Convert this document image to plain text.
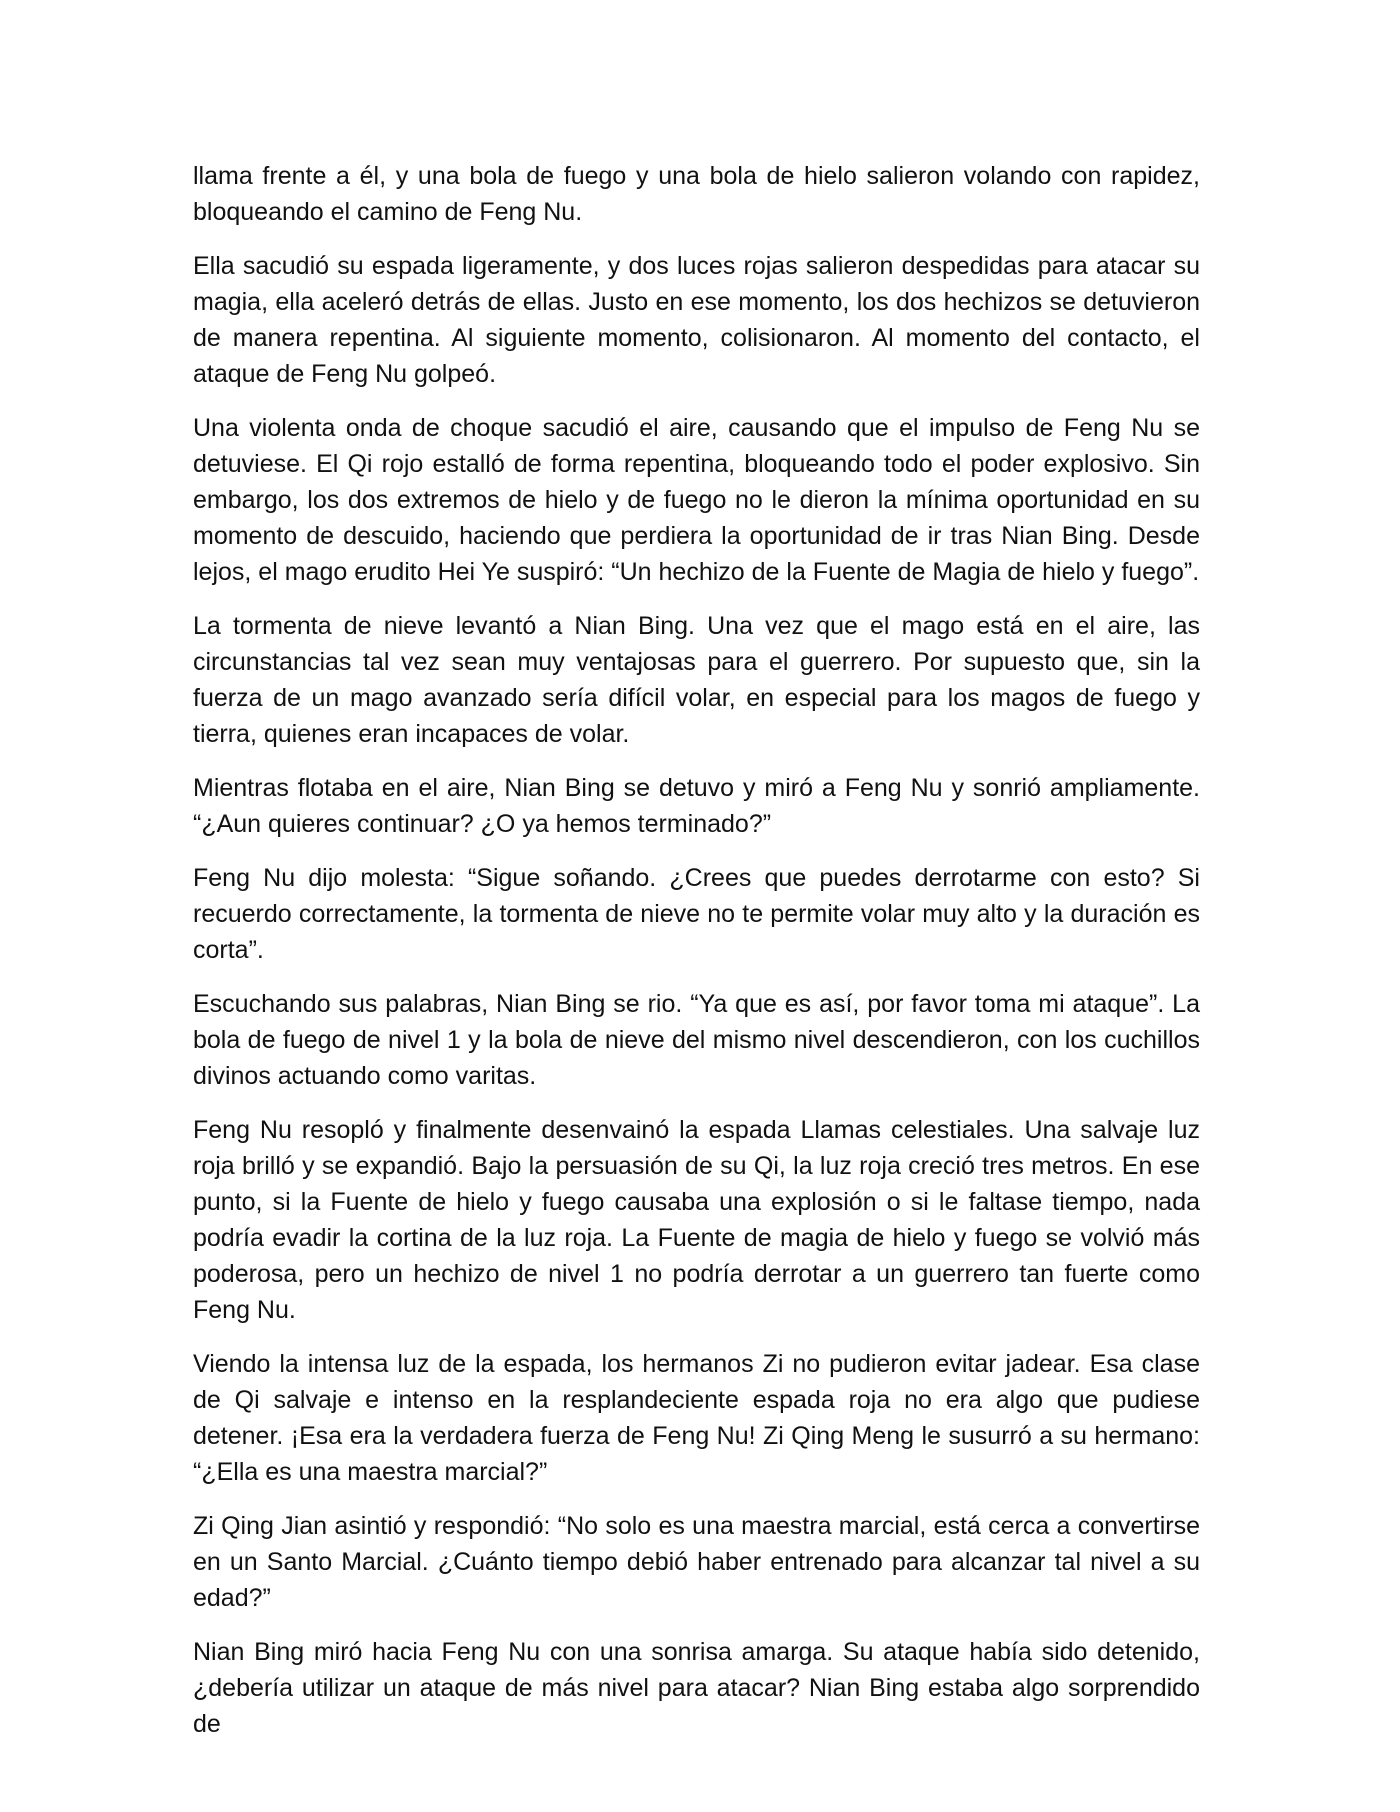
llama frente a él, y una bola de fuego y una bola de hielo salieron volando con rapidez, bloqueando el camino de Feng Nu.

Ella sacudió su espada ligeramente, y dos luces rojas salieron despedidas para atacar su magia, ella aceleró detrás de ellas. Justo en ese momento, los dos hechizos se detuvieron de manera repentina. Al siguiente momento, colisionaron. Al momento del contacto, el ataque de Feng Nu golpeó.

Una violenta onda de choque sacudió el aire, causando que el impulso de Feng Nu se detuviese. El Qi rojo estalló de forma repentina, bloqueando todo el poder explosivo. Sin embargo, los dos extremos de hielo y de fuego no le dieron la mínima oportunidad en su momento de descuido, haciendo que perdiera la oportunidad de ir tras Nian Bing. Desde lejos, el mago erudito Hei Ye suspiró: “Un hechizo de la Fuente de Magia de hielo y fuego”.

La tormenta de nieve levantó a Nian Bing. Una vez que el mago está en el aire, las circunstancias tal vez sean muy ventajosas para el guerrero. Por supuesto que, sin la fuerza de un mago avanzado sería difícil volar, en especial para los magos de fuego y tierra, quienes eran incapaces de volar.

Mientras flotaba en el aire, Nian Bing se detuvo y miró a Feng Nu y sonrió ampliamente. “¿Aun quieres continuar? ¿O ya hemos terminado?”

Feng Nu dijo molesta: “Sigue soñando. ¿Crees que puedes derrotarme con esto? Si recuerdo correctamente, la tormenta de nieve no te permite volar muy alto y la duración es corta”.

Escuchando sus palabras, Nian Bing se rio. “Ya que es así, por favor toma mi ataque”. La bola de fuego de nivel 1 y la bola de nieve del mismo nivel descendieron, con los cuchillos divinos actuando como varitas.

Feng Nu resopló y finalmente desenvainó la espada Llamas celestiales. Una salvaje luz roja brilló y se expandió. Bajo la persuasión de su Qi, la luz roja creció tres metros. En ese punto, si la Fuente de hielo y fuego causaba una explosión o si le faltase tiempo, nada podría evadir la cortina de la luz roja. La Fuente de magia de hielo y fuego se volvió más poderosa, pero un hechizo de nivel 1 no podría derrotar a un guerrero tan fuerte como Feng Nu.

Viendo la intensa luz de la espada, los hermanos Zi no pudieron evitar jadear. Esa clase de Qi salvaje e intenso en la resplandeciente espada roja no era algo que pudiese detener. ¡Esa era la verdadera fuerza de Feng Nu! Zi Qing Meng le susurró a su hermano: “¿Ella es una maestra marcial?”

Zi Qing Jian asintió y respondió: “No solo es una maestra marcial, está cerca a convertirse en un Santo Marcial. ¿Cuánto tiempo debió haber entrenado para alcanzar tal nivel a su edad?”

Nian Bing miró hacia Feng Nu con una sonrisa amarga. Su ataque había sido detenido, ¿debería utilizar un ataque de más nivel para atacar? Nian Bing estaba algo sorprendido de
